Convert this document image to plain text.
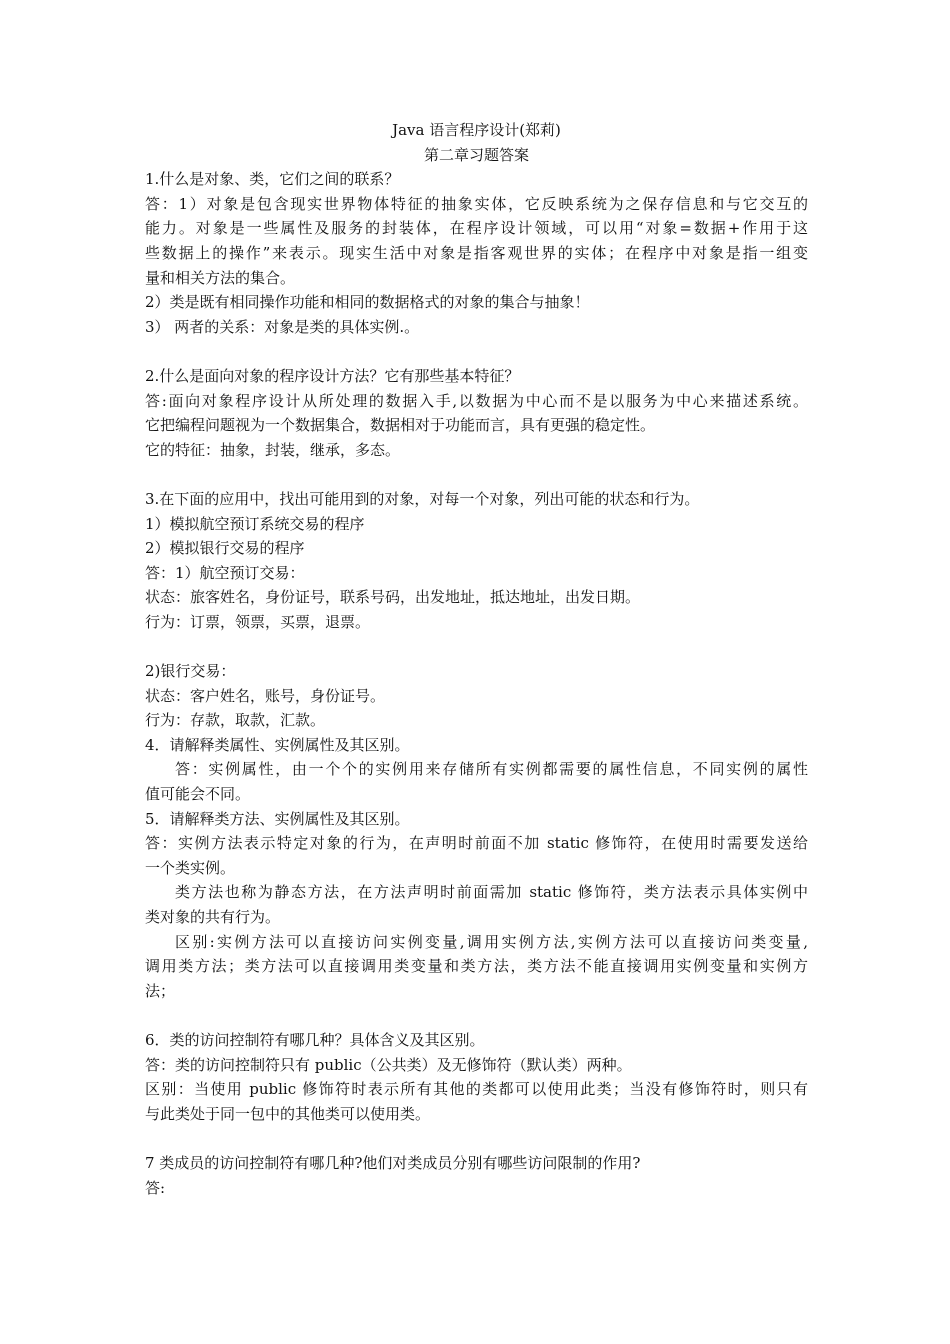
Java 语言程序设计(郑莉)
第二章习题答案
1.什么是对象、类，它们之间的联系？
答：1）对象是包含现实世界物体特征的抽象实体，它反映系统为之保存信息和与它交互的
能力。对象是一些属性及服务的封装体，在程序设计领域，可以用“对象=数据+作用于这
些数据上的操作”来表示。现实生活中对象是指客观世界的实体；在程序中对象是指一组变
量和相关方法的集合。
2）类是既有相同操作功能和相同的数据格式的对象的集合与抽象！
3） 两者的关系：对象是类的具体实例.。
2.什么是面向对象的程序设计方法？它有那些基本特征？
答:面向对象程序设计从所处理的数据入手,以数据为中心而不是以服务为中心来描述系统。
它把编程问题视为一个数据集合，数据相对于功能而言，具有更强的稳定性。
它的特征：抽象，封装，继承，多态。
3.在下面的应用中，找出可能用到的对象，对每一个对象，列出可能的状态和行为。
1）模拟航空预订系统交易的程序
2）模拟银行交易的程序
答：1）航空预订交易：
状态：旅客姓名，身份证号，联系号码，出发地址，抵达地址，出发日期。
行为：订票，领票，买票，退票。
2)银行交易：
状态：客户姓名，账号，身份证号。
行为：存款，取款，汇款。
4．请解释类属性、实例属性及其区别。
答：实例属性，由一个个的实例用来存储所有实例都需要的属性信息，不同实例的属性
值可能会不同。
5．请解释类方法、实例属性及其区别。
答：实例方法表示特定对象的行为，在声明时前面不加 static 修饰符，在使用时需要发送给
一个类实例。
类方法也称为静态方法，在方法声明时前面需加 static 修饰符，类方法表示具体实例中
类对象的共有行为。
区别:实例方法可以直接访问实例变量,调用实例方法,实例方法可以直接访问类变量,
调用类方法；类方法可以直接调用类变量和类方法，类方法不能直接调用实例变量和实例方
法；
6．类的访问控制符有哪几种？具体含义及其区别。
答：类的访问控制符只有 public（公共类）及无修饰符（默认类）两种。
区别：当使用 public 修饰符时表示所有其他的类都可以使用此类；当没有修饰符时，则只有
与此类处于同一包中的其他类可以使用类。
7 类成员的访问控制符有哪几种?他们对类成员分别有哪些访问限制的作用?
答:
